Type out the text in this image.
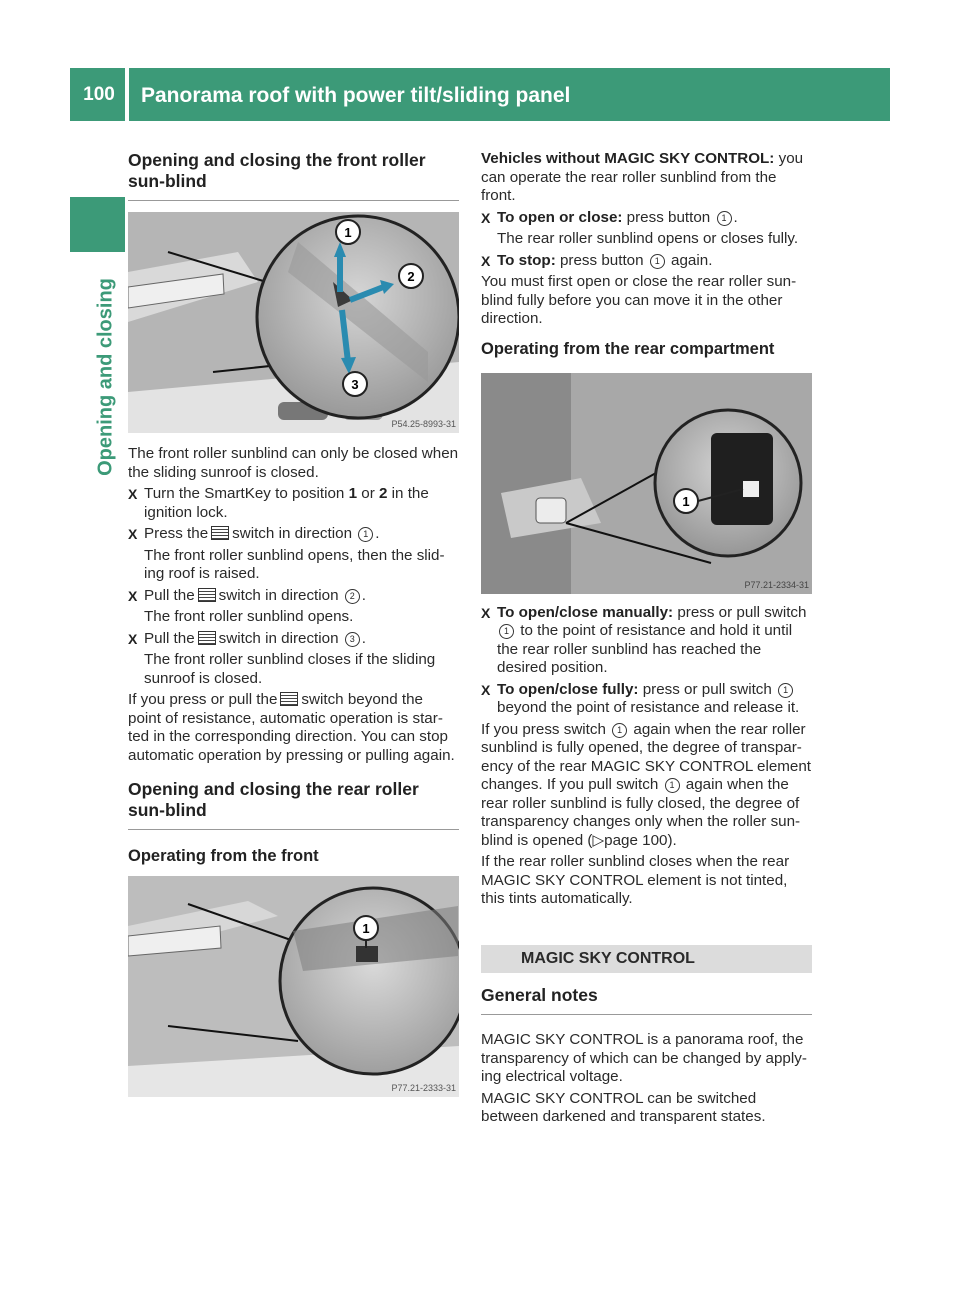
100	Panorama roof with power tilt/sliding panel
Opening and closing
Opening and closing the front roller sun-blind
1
2
3
P54.25-8993-31

The front roller sunblind can only be closed when the sliding sunroof is closed.

X Turn the SmartKey to position 1 or 2 in the ignition lock.
X Press the switch in direction 1 .
The front roller sunblind opens, then the slid-ing roof is raised.
X Pull the switch in direction 2 .
The front roller sunblind opens.
X Pull the switch in direction 3 .
The front roller sunblind closes if the sliding sunroof is closed.

If you press or pull the switch beyond the point of resistance, automatic operation is star-ted in the corresponding direction. You can stop automatic operation by pressing or pulling again.

Opening and closing the rear roller sun-blind
Operating from the front
1
P77.21-2333-31

Vehicles without MAGIC SKY CONTROL: you can operate the rear roller sunblind from the front.

X To open or close: press button 1 .
The rear roller sunblind opens or closes fully.
X To stop: press button 1 again.

You must first open or close the rear roller sun-blind fully before you can move it in the other direction.

Operating from the rear compartment
1
P77.21-2334-31
X To open/close manually: press or pull switch 1 to the point of resistance and hold it until the rear roller sunblind has reached the desired position.
X To open/close fully: press or pull switch 1 beyond the point of resistance and release it.

If you press switch 1 again when the rear roller sunblind is fully opened, the degree of transpar-ency of the rear MAGIC SKY CONTROL element changes. If you pull switch 1 again when the rear roller sunblind is fully closed, the degree of transparency changes only when the roller sun-blind is opened (▷page 100).

If the rear roller sunblind closes when the rear MAGIC SKY CONTROL element is not tinted, this tints automatically.

MAGIC SKY CONTROL
General notes

MAGIC SKY CONTROL is a panorama roof, the transparency of which can be changed by apply-ing electrical voltage.

MAGIC SKY CONTROL can be switched between darkened and transparent states.
